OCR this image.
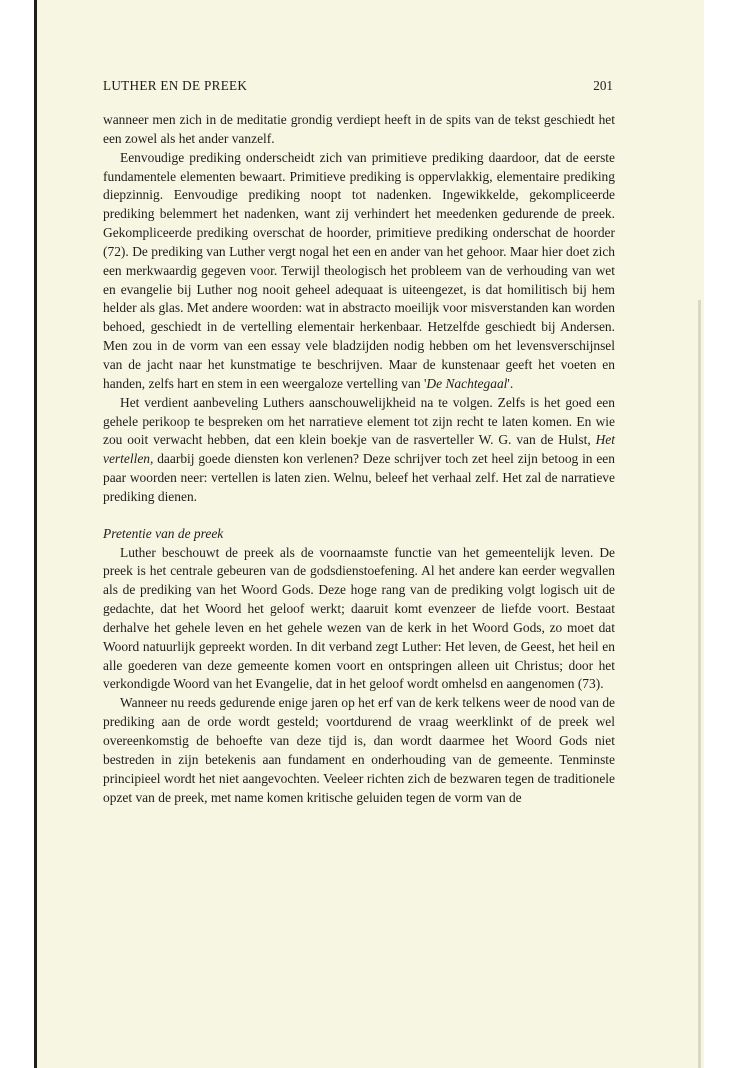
LUTHER EN DE PREEK	201

wanneer men zich in de meditatie grondig verdiept heeft in de spits van de tekst geschiedt het een zowel als het ander vanzelf.

Eenvoudige prediking onderscheidt zich van primitieve prediking daardoor, dat de eerste fundamentele elementen bewaart. Primitieve prediking is oppervlakkig, elementaire prediking diepzinnig. Eenvoudige prediking noopt tot nadenken. Ingewikkelde, gekompliceerde prediking belemmert het nadenken, want zij verhindert het meedenken gedurende de preek. Gekompliceerde prediking overschat de hoorder, primitieve prediking onderschat de hoorder (72). De prediking van Luther vergt nogal het een en ander van het gehoor. Maar hier doet zich een merkwaardig gegeven voor. Terwijl theologisch het probleem van de verhouding van wet en evangelie bij Luther nog nooit geheel adequaat is uiteengezet, is dat homilitisch bij hem helder als glas. Met andere woorden: wat in abstracto moeilijk voor misverstanden kan worden behoed, geschiedt in de vertelling elementair herkenbaar. Hetzelfde geschiedt bij Andersen. Men zou in de vorm van een essay vele bladzijden nodig hebben om het levensverschijnsel van de jacht naar het kunstmatige te beschrijven. Maar de kunstenaar geeft het voeten en handen, zelfs hart en stem in een weergaloze vertelling van 'De Nachtegaal'.

Het verdient aanbeveling Luthers aanschouwelijkheid na te volgen. Zelfs is het goed een gehele perikoop te bespreken om het narratieve element tot zijn recht te laten komen. En wie zou ooit verwacht hebben, dat een klein boekje van de rasverteller W. G. van de Hulst, Het vertellen, daarbij goede diensten kon verlenen? Deze schrijver toch zet heel zijn betoog in een paar woorden neer: vertellen is laten zien. Welnu, beleef het verhaal zelf. Het zal de narratieve prediking dienen.

Pretentie van de preek

Luther beschouwt de preek als de voornaamste functie van het gemeentelijk leven. De preek is het centrale gebeuren van de godsdienstoefening. Al het andere kan eerder wegvallen als de prediking van het Woord Gods. Deze hoge rang van de prediking volgt logisch uit de gedachte, dat het Woord het geloof werkt; daaruit komt evenzeer de liefde voort. Bestaat derhalve het gehele leven en het gehele wezen van de kerk in het Woord Gods, zo moet dat Woord natuurlijk gepreekt worden. In dit verband zegt Luther: Het leven, de Geest, het heil en alle goederen van deze gemeente komen voort en ontspringen alleen uit Christus; door het verkondigde Woord van het Evangelie, dat in het geloof wordt omhelsd en aangenomen (73).

Wanneer nu reeds gedurende enige jaren op het erf van de kerk telkens weer de nood van de prediking aan de orde wordt gesteld; voortdurend de vraag weerklinkt of de preek wel overeenkomstig de behoefte van deze tijd is, dan wordt daarmee het Woord Gods niet bestreden in zijn betekenis aan fundament en onderhouding van de gemeente. Tenminste principieel wordt het niet aangevochten. Veeleer richten zich de bezwaren tegen de traditionele opzet van de preek, met name komen kritische geluiden tegen de vorm van de
